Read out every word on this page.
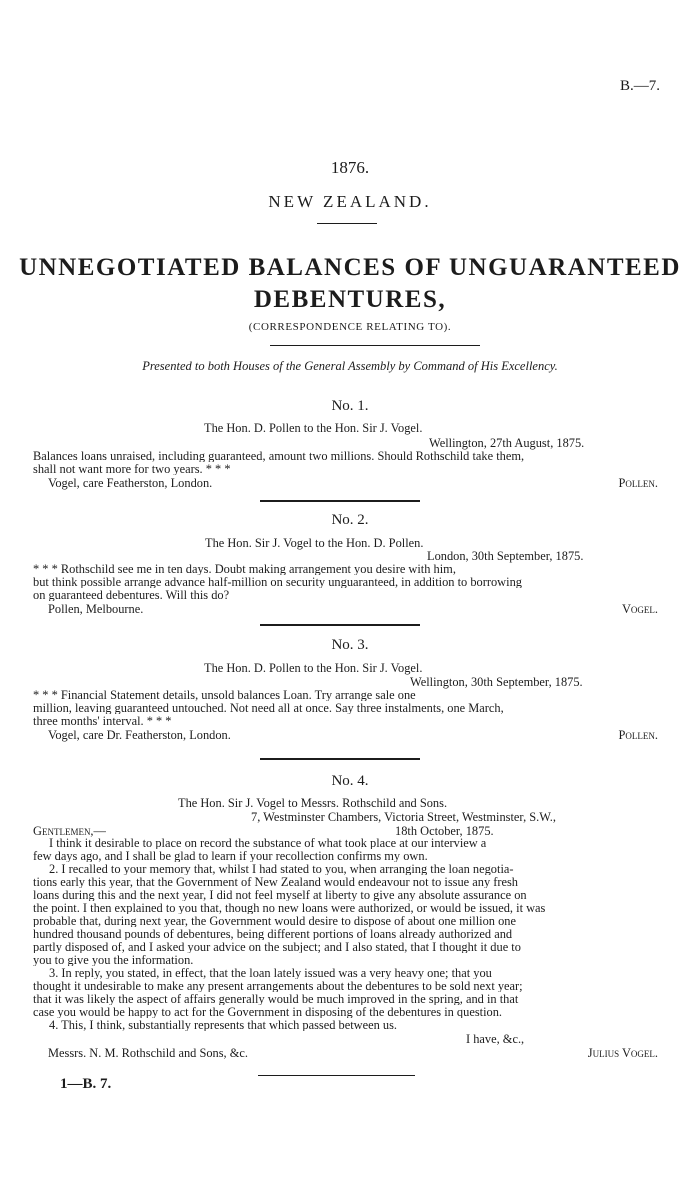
B.—7.
1876.
NEW ZEALAND.
UNNEGOTIATED BALANCES OF UNGUARANTEED
DEBENTURES,
(CORRESPONDENCE RELATING TO).
Presented to both Houses of the General Assembly by Command of His Excellency.
No. 1.
The Hon. D. Pollen to the Hon. Sir J. Vogel.
Wellington, 27th August, 1875.
Balances loans unraised, including guaranteed, amount two millions. Should Rothschild take them,
shall not want more for two years. * * *
Vogel, care Featherston, London.	Pollen.
No. 2.
The Hon. Sir J. Vogel to the Hon. D. Pollen.
London, 30th September, 1875.
* * * Rothschild see me in ten days. Doubt making arrangement you desire with him,
but think possible arrange advance half-million on security unguaranteed, in addition to borrowing
on guaranteed debentures. Will this do?
Pollen, Melbourne.	Vogel.
No. 3.
The Hon. D. Pollen to the Hon. Sir J. Vogel.
Wellington, 30th September, 1875.
* * * Financial Statement details, unsold balances Loan. Try arrange sale one
million, leaving guaranteed untouched. Not need all at once. Say three instalments, one March,
three months' interval. * * *
Vogel, care Dr. Featherston, London.	Pollen.
No. 4.
The Hon. Sir J. Vogel to Messrs. Rothschild and Sons.
7, Westminster Chambers, Victoria Street, Westminster, S.W.,
Gentlemen,—	18th October, 1875.
I think it desirable to place on record the substance of what took place at our interview a
few days ago, and I shall be glad to learn if your recollection confirms my own.
2. I recalled to your memory that, whilst I had stated to you, when arranging the loan negotia-
tions early this year, that the Government of New Zealand would endeavour not to issue any fresh
loans during this and the next year, I did not feel myself at liberty to give any absolute assurance on
the point. I then explained to you that, though no new loans were authorized, or would be issued, it was
probable that, during next year, the Government would desire to dispose of about one million one
hundred thousand pounds of debentures, being different portions of loans already authorized and
partly disposed of, and I asked your advice on the subject; and I also stated, that I thought it due to
you to give you the information.
3. In reply, you stated, in effect, that the loan lately issued was a very heavy one; that you
thought it undesirable to make any present arrangements about the debentures to be sold next year;
that it was likely the aspect of affairs generally would be much improved in the spring, and in that
case you would be happy to act for the Government in disposing of the debentures in question.
4. This, I think, substantially represents that which passed between us.
I have, &c.,
Messrs. N. M. Rothschild and Sons, &c.	Julius Vogel.
1—B. 7.
